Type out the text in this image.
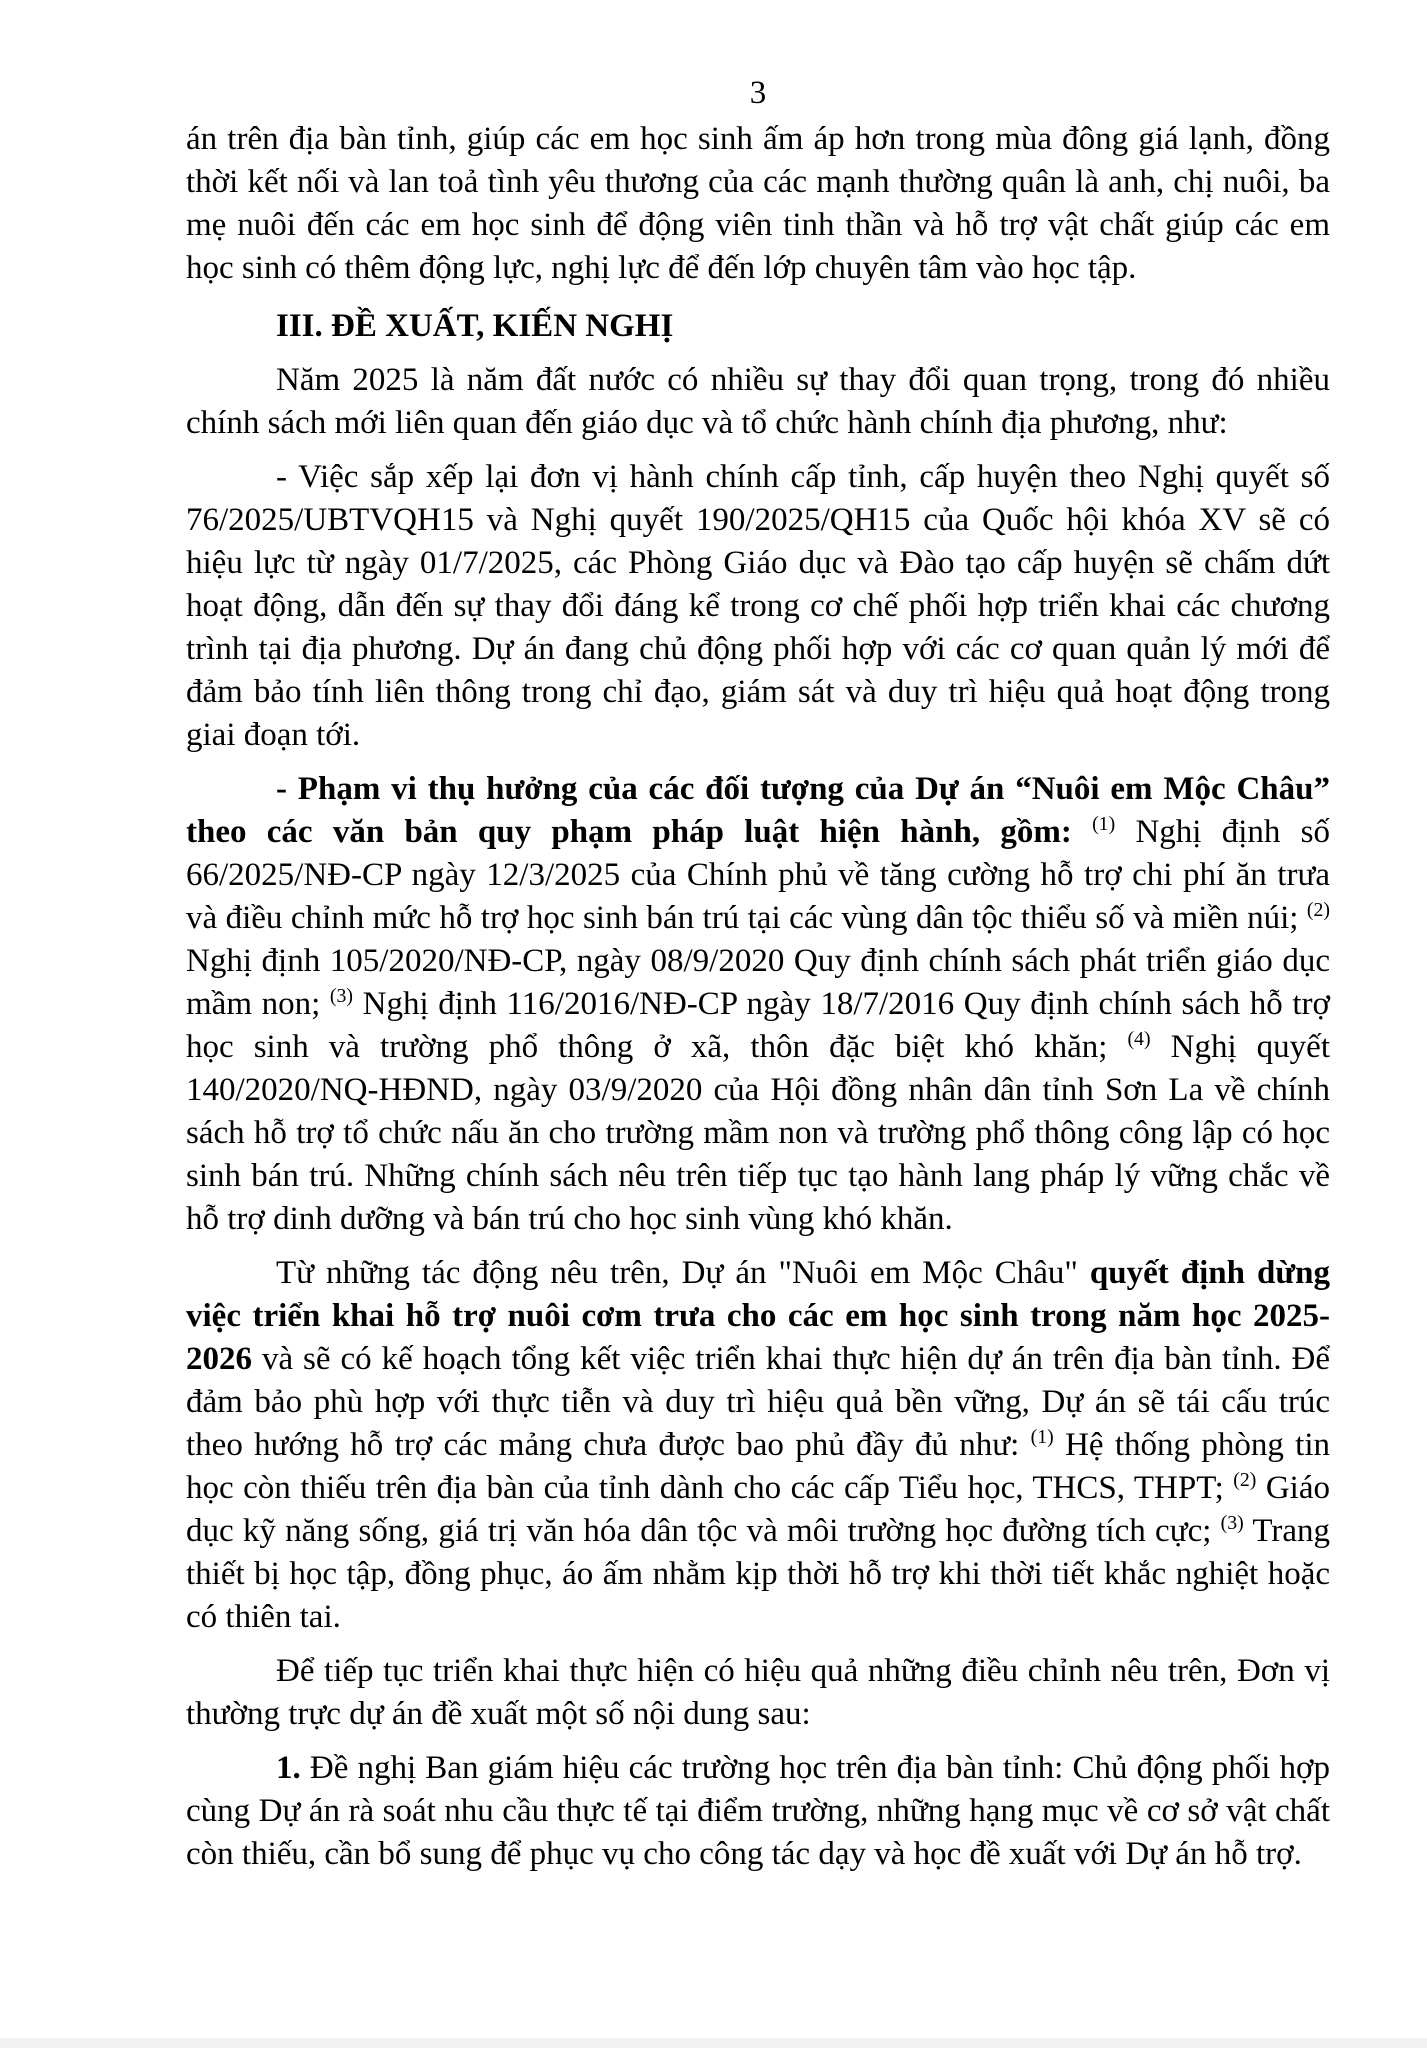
3

án trên địa bàn tỉnh, giúp các em học sinh ấm áp hơn trong mùa đông giá lạnh, đồng thời kết nối và lan toả tình yêu thương của các mạnh thường quân là anh, chị nuôi, ba mẹ nuôi đến các em học sinh để động viên tinh thần và hỗ trợ vật chất giúp các em học sinh có thêm động lực, nghị lực để đến lớp chuyên tâm vào học tập.

III. ĐỀ XUẤT, KIẾN NGHỊ

Năm 2025 là năm đất nước có nhiều sự thay đổi quan trọng, trong đó nhiều chính sách mới liên quan đến giáo dục và tổ chức hành chính địa phương, như:

- Việc sắp xếp lại đơn vị hành chính cấp tỉnh, cấp huyện theo Nghị quyết số 76/2025/UBTVQH15 và Nghị quyết 190/2025/QH15 của Quốc hội khóa XV sẽ có hiệu lực từ ngày 01/7/2025, các Phòng Giáo dục và Đào tạo cấp huyện sẽ chấm dứt hoạt động, dẫn đến sự thay đổi đáng kể trong cơ chế phối hợp triển khai các chương trình tại địa phương. Dự án đang chủ động phối hợp với các cơ quan quản lý mới để đảm bảo tính liên thông trong chỉ đạo, giám sát và duy trì hiệu quả hoạt động trong giai đoạn tới.

- Phạm vi thụ hưởng của các đối tượng của Dự án “Nuôi em Mộc Châu” theo các văn bản quy phạm pháp luật hiện hành, gồm: $^{(1)}$ Nghị định số 66/2025/NĐ-CP ngày 12/3/2025 của Chính phủ về tăng cường hỗ trợ chi phí ăn trưa và điều chỉnh mức hỗ trợ học sinh bán trú tại các vùng dân tộc thiểu số và miền núi; $^{(2)}$ Nghị định 105/2020/NĐ-CP, ngày 08/9/2020 Quy định chính sách phát triển giáo dục mầm non; $^{(3)}$ Nghị định 116/2016/NĐ-CP ngày 18/7/2016 Quy định chính sách hỗ trợ học sinh và trường phổ thông ở xã, thôn đặc biệt khó khăn; $^{(4)}$ Nghị quyết 140/2020/NQ-HĐND, ngày 03/9/2020 của Hội đồng nhân dân tỉnh Sơn La về chính sách hỗ trợ tổ chức nấu ăn cho trường mầm non và trường phổ thông công lập có học sinh bán trú. Những chính sách nêu trên tiếp tục tạo hành lang pháp lý vững chắc về hỗ trợ dinh dưỡng và bán trú cho học sinh vùng khó khăn.

Từ những tác động nêu trên, Dự án "Nuôi em Mộc Châu" quyết định dừng việc triển khai hỗ trợ nuôi cơm trưa cho các em học sinh trong năm học 2025-2026 và sẽ có kế hoạch tổng kết việc triển khai thực hiện dự án trên địa bàn tỉnh. Để đảm bảo phù hợp với thực tiễn và duy trì hiệu quả bền vững, Dự án sẽ tái cấu trúc theo hướng hỗ trợ các mảng chưa được bao phủ đầy đủ như: $^{(1)}$ Hệ thống phòng tin học còn thiếu trên địa bàn của tỉnh dành cho các cấp Tiểu học, THCS, THPT; $^{(2)}$ Giáo dục kỹ năng sống, giá trị văn hóa dân tộc và môi trường học đường tích cực; $^{(3)}$ Trang thiết bị học tập, đồng phục, áo ấm nhằm kịp thời hỗ trợ khi thời tiết khắc nghiệt hoặc có thiên tai.

Để tiếp tục triển khai thực hiện có hiệu quả những điều chỉnh nêu trên, Đơn vị thường trực dự án đề xuất một số nội dung sau:

1. Đề nghị Ban giám hiệu các trường học trên địa bàn tỉnh: Chủ động phối hợp cùng Dự án rà soát nhu cầu thực tế tại điểm trường, những hạng mục về cơ sở vật chất còn thiếu, cần bổ sung để phục vụ cho công tác dạy và học đề xuất với Dự án hỗ trợ.
